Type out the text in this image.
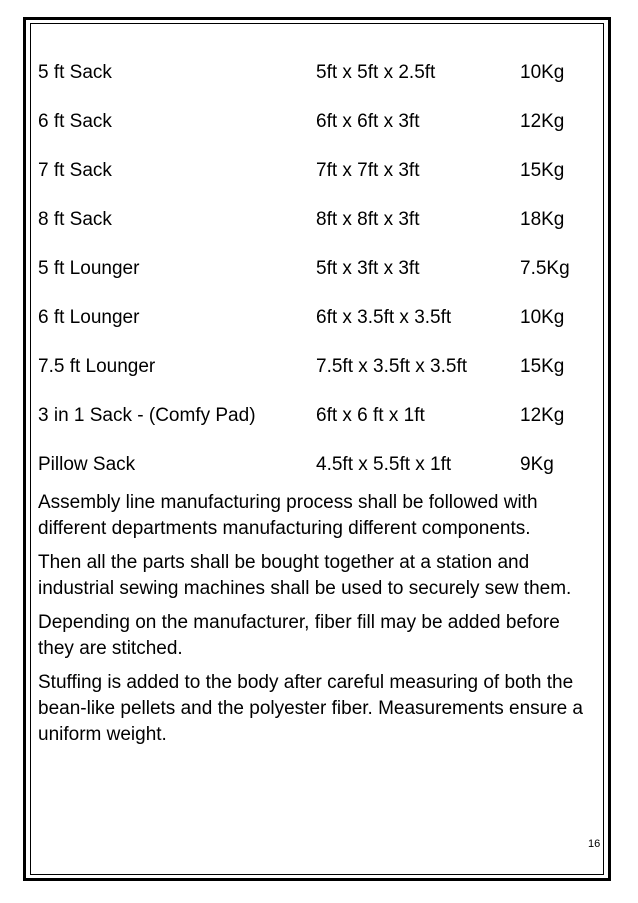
5 ft Sack	5ft x 5ft x 2.5ft	10Kg
6 ft Sack	6ft x 6ft x 3ft	12Kg
7 ft Sack	7ft x 7ft x 3ft	15Kg
8 ft Sack	8ft x 8ft x 3ft	18Kg
5 ft Lounger	5ft x 3ft x 3ft	7.5Kg
6 ft Lounger	6ft x 3.5ft x 3.5ft	10Kg
7.5 ft Lounger	7.5ft x 3.5ft x 3.5ft	15Kg
3 in 1 Sack - (Comfy Pad)	6ft x 6 ft x 1ft	12Kg
Pillow Sack	4.5ft x 5.5ft x 1ft	9Kg

Assembly line manufacturing process shall be followed with different departments manufacturing different components.

Then all the parts shall be bought together at a station and industrial sewing machines shall be used to securely sew them.

Depending on the manufacturer, fiber fill may be added before they are stitched.

Stuffing is added to the body after careful measuring of both the bean-like pellets and the polyester fiber. Measurements ensure a uniform weight.

16
